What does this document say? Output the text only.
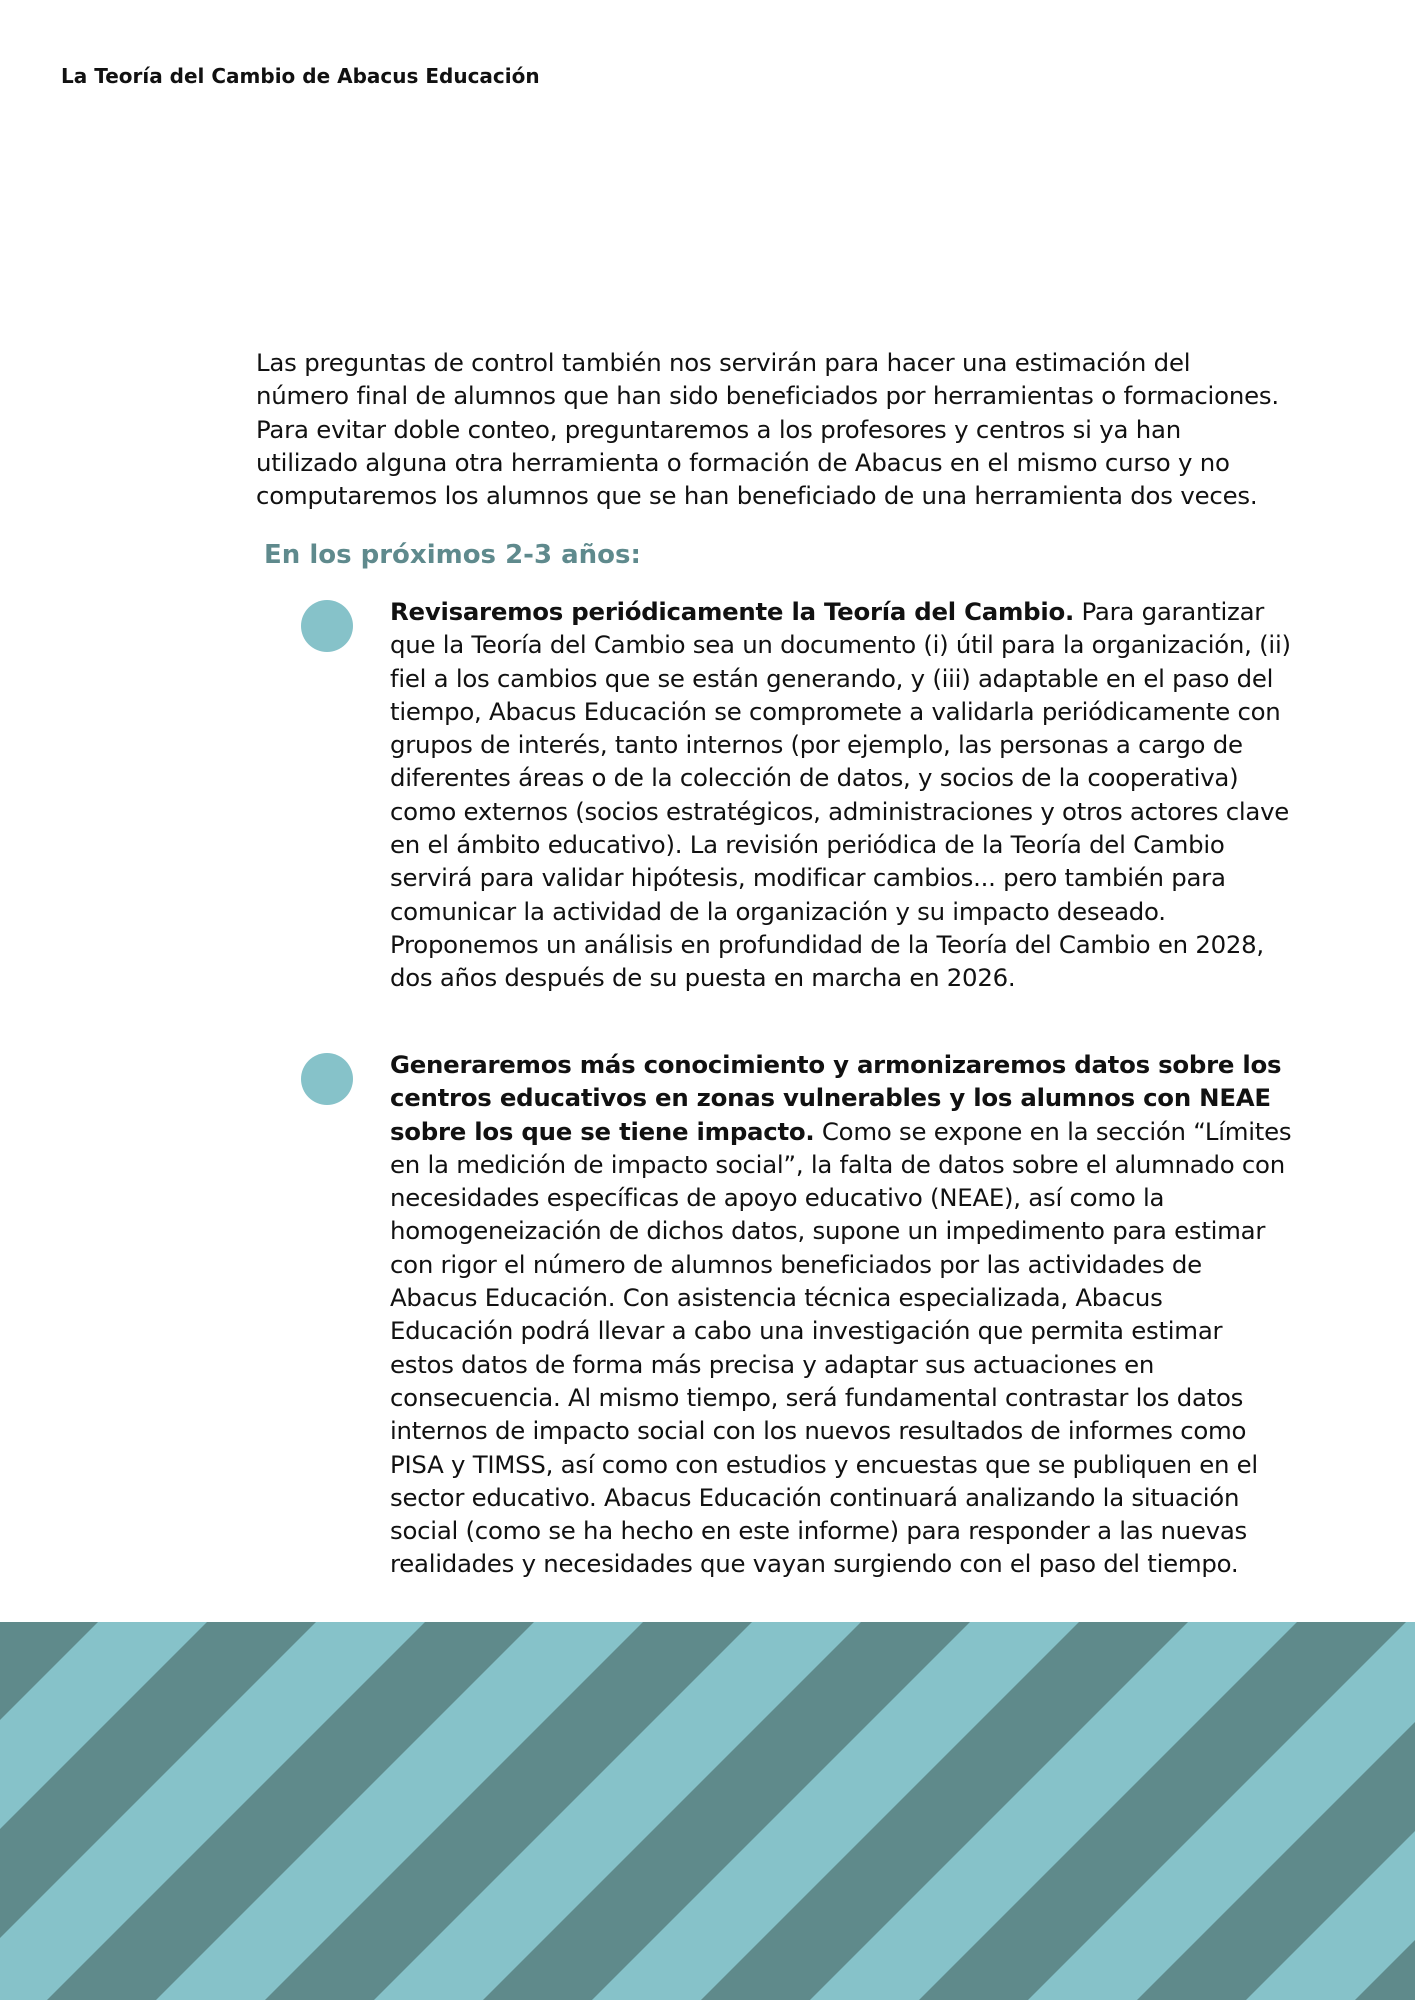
La Teoría del Cambio de Abacus Educación

Las preguntas de control también nos servirán para hacer una estimación del número final de alumnos que han sido beneficiados por herramientas o formaciones. Para evitar doble conteo, preguntaremos a los profesores y centros si ya han utilizado alguna otra herramienta o formación de Abacus en el mismo curso y no computaremos los alumnos que se han beneficiado de una herramienta dos veces.

En los próximos 2-3 años:

Revisaremos periódicamente la Teoría del Cambio. Para garantizar que la Teoría del Cambio sea un documento (i) útil para la organización, (ii) fiel a los cambios que se están generando, y (iii) adaptable en el paso del tiempo, Abacus Educación se compromete a validarla periódicamente con grupos de interés, tanto internos (por ejemplo, las personas a cargo de diferentes áreas o de la colección de datos, y socios de la cooperativa) como externos (socios estratégicos, administraciones y otros actores clave en el ámbito educativo). La revisión periódica de la Teoría del Cambio servirá para validar hipótesis, modificar cambios... pero también para comunicar la actividad de la organización y su impacto deseado. Proponemos un análisis en profundidad de la Teoría del Cambio en 2028, dos años después de su puesta en marcha en 2026.

Generaremos más conocimiento y armonizaremos datos sobre los centros educativos en zonas vulnerables y los alumnos con NEAE sobre los que se tiene impacto. Como se expone en la sección “Límites en la medición de impacto social”, la falta de datos sobre el alumnado con necesidades específicas de apoyo educativo (NEAE), así como la homogeneización de dichos datos, supone un impedimento para estimar con rigor el número de alumnos beneficiados por las actividades de Abacus Educación. Con asistencia técnica especializada, Abacus Educación podrá llevar a cabo una investigación que permita estimar estos datos de forma más precisa y adaptar sus actuaciones en consecuencia. Al mismo tiempo, será fundamental contrastar los datos internos de impacto social con los nuevos resultados de informes como PISA y TIMSS, así como con estudios y encuestas que se publiquen en el sector educativo. Abacus Educación continuará analizando la situación social (como se ha hecho en este informe) para responder a las nuevas realidades y necesidades que vayan surgiendo con el paso del tiempo.
